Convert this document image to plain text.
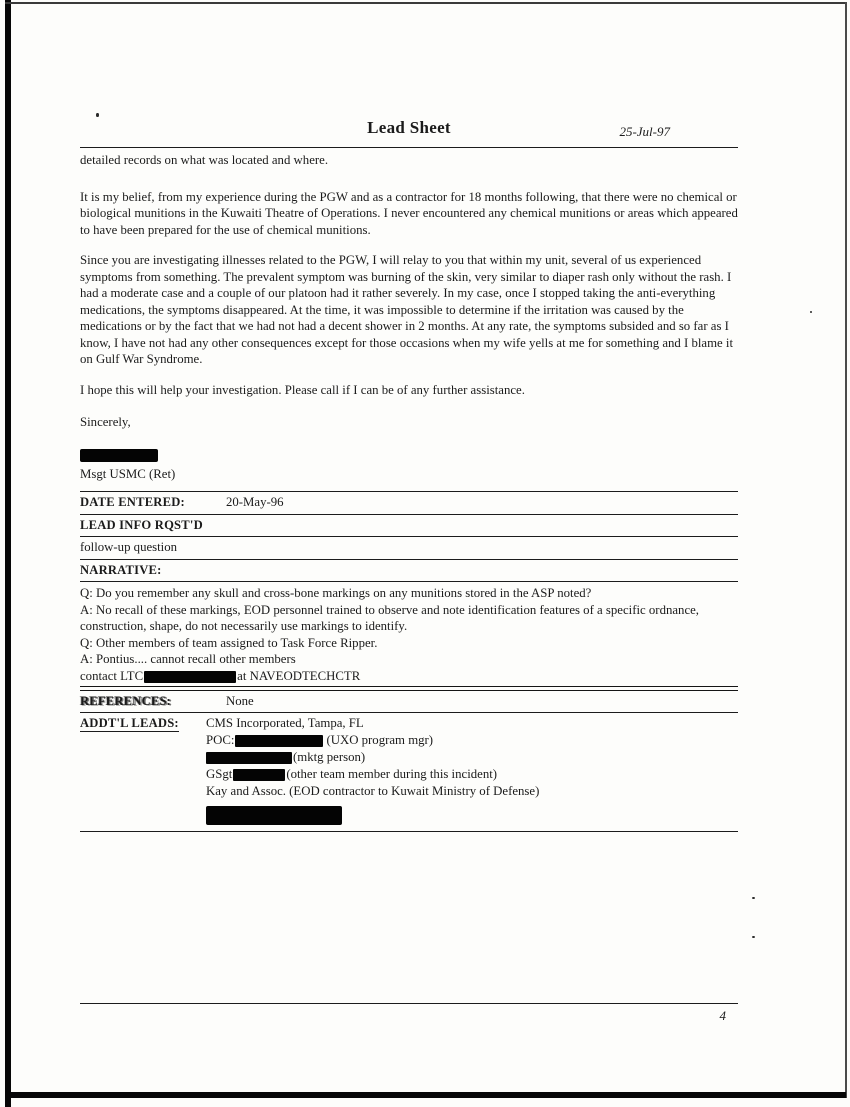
Lead Sheet	25-Jul-97

detailed records on what was located and where.

It is my belief, from my experience during the PGW and as a contractor for 18 months following, that there were no chemical or biological munitions in the Kuwaiti Theatre of Operations. I never encountered any chemical munitions or areas which appeared to have been prepared for the use of chemical munitions.

Since you are investigating illnesses related to the PGW, I will relay to you that within my unit, several of us experienced symptoms from something. The prevalent symptom was burning of the skin, very similar to diaper rash only without the rash. I had a moderate case and a couple of our platoon had it rather severely. In my case, once I stopped taking the anti-everything medications, the symptoms disappeared. At the time, it was impossible to determine if the irritation was caused by the medications or by the fact that we had not had a decent shower in 2 months. At any rate, the symptoms subsided and so far as I know, I have not had any other consequences except for those occasions when my wife yells at me for something and I blame it on Gulf War Syndrome.

I hope this will help your investigation. Please call if I can be of any further assistance.

Sincerely,

Msgt USMC (Ret)

DATE ENTERED:	20-May-96
LEAD INFO RQST'D
follow-up question
NARRATIVE:

Q: Do you remember any skull and cross-bone markings on any munitions stored in the ASP noted?

A: No recall of these markings, EOD personnel trained to observe and note identification features of a specific ordnance, construction, shape, do not necessarily use markings to identify.

Q: Other members of team assigned to Task Force Ripper.

A: Pontius.... cannot recall other members

contact LTC	at NAVEODTECHCTR

REFERENCES:	None
ADDT'L LEADS: CMS Incorporated, Tampa, FL

POC:	(UXO program mgr)

(mktg person)

GSgt	(other team member during this incident)

Kay and Assoc. (EOD contractor to Kuwait Ministry of Defense)

4
